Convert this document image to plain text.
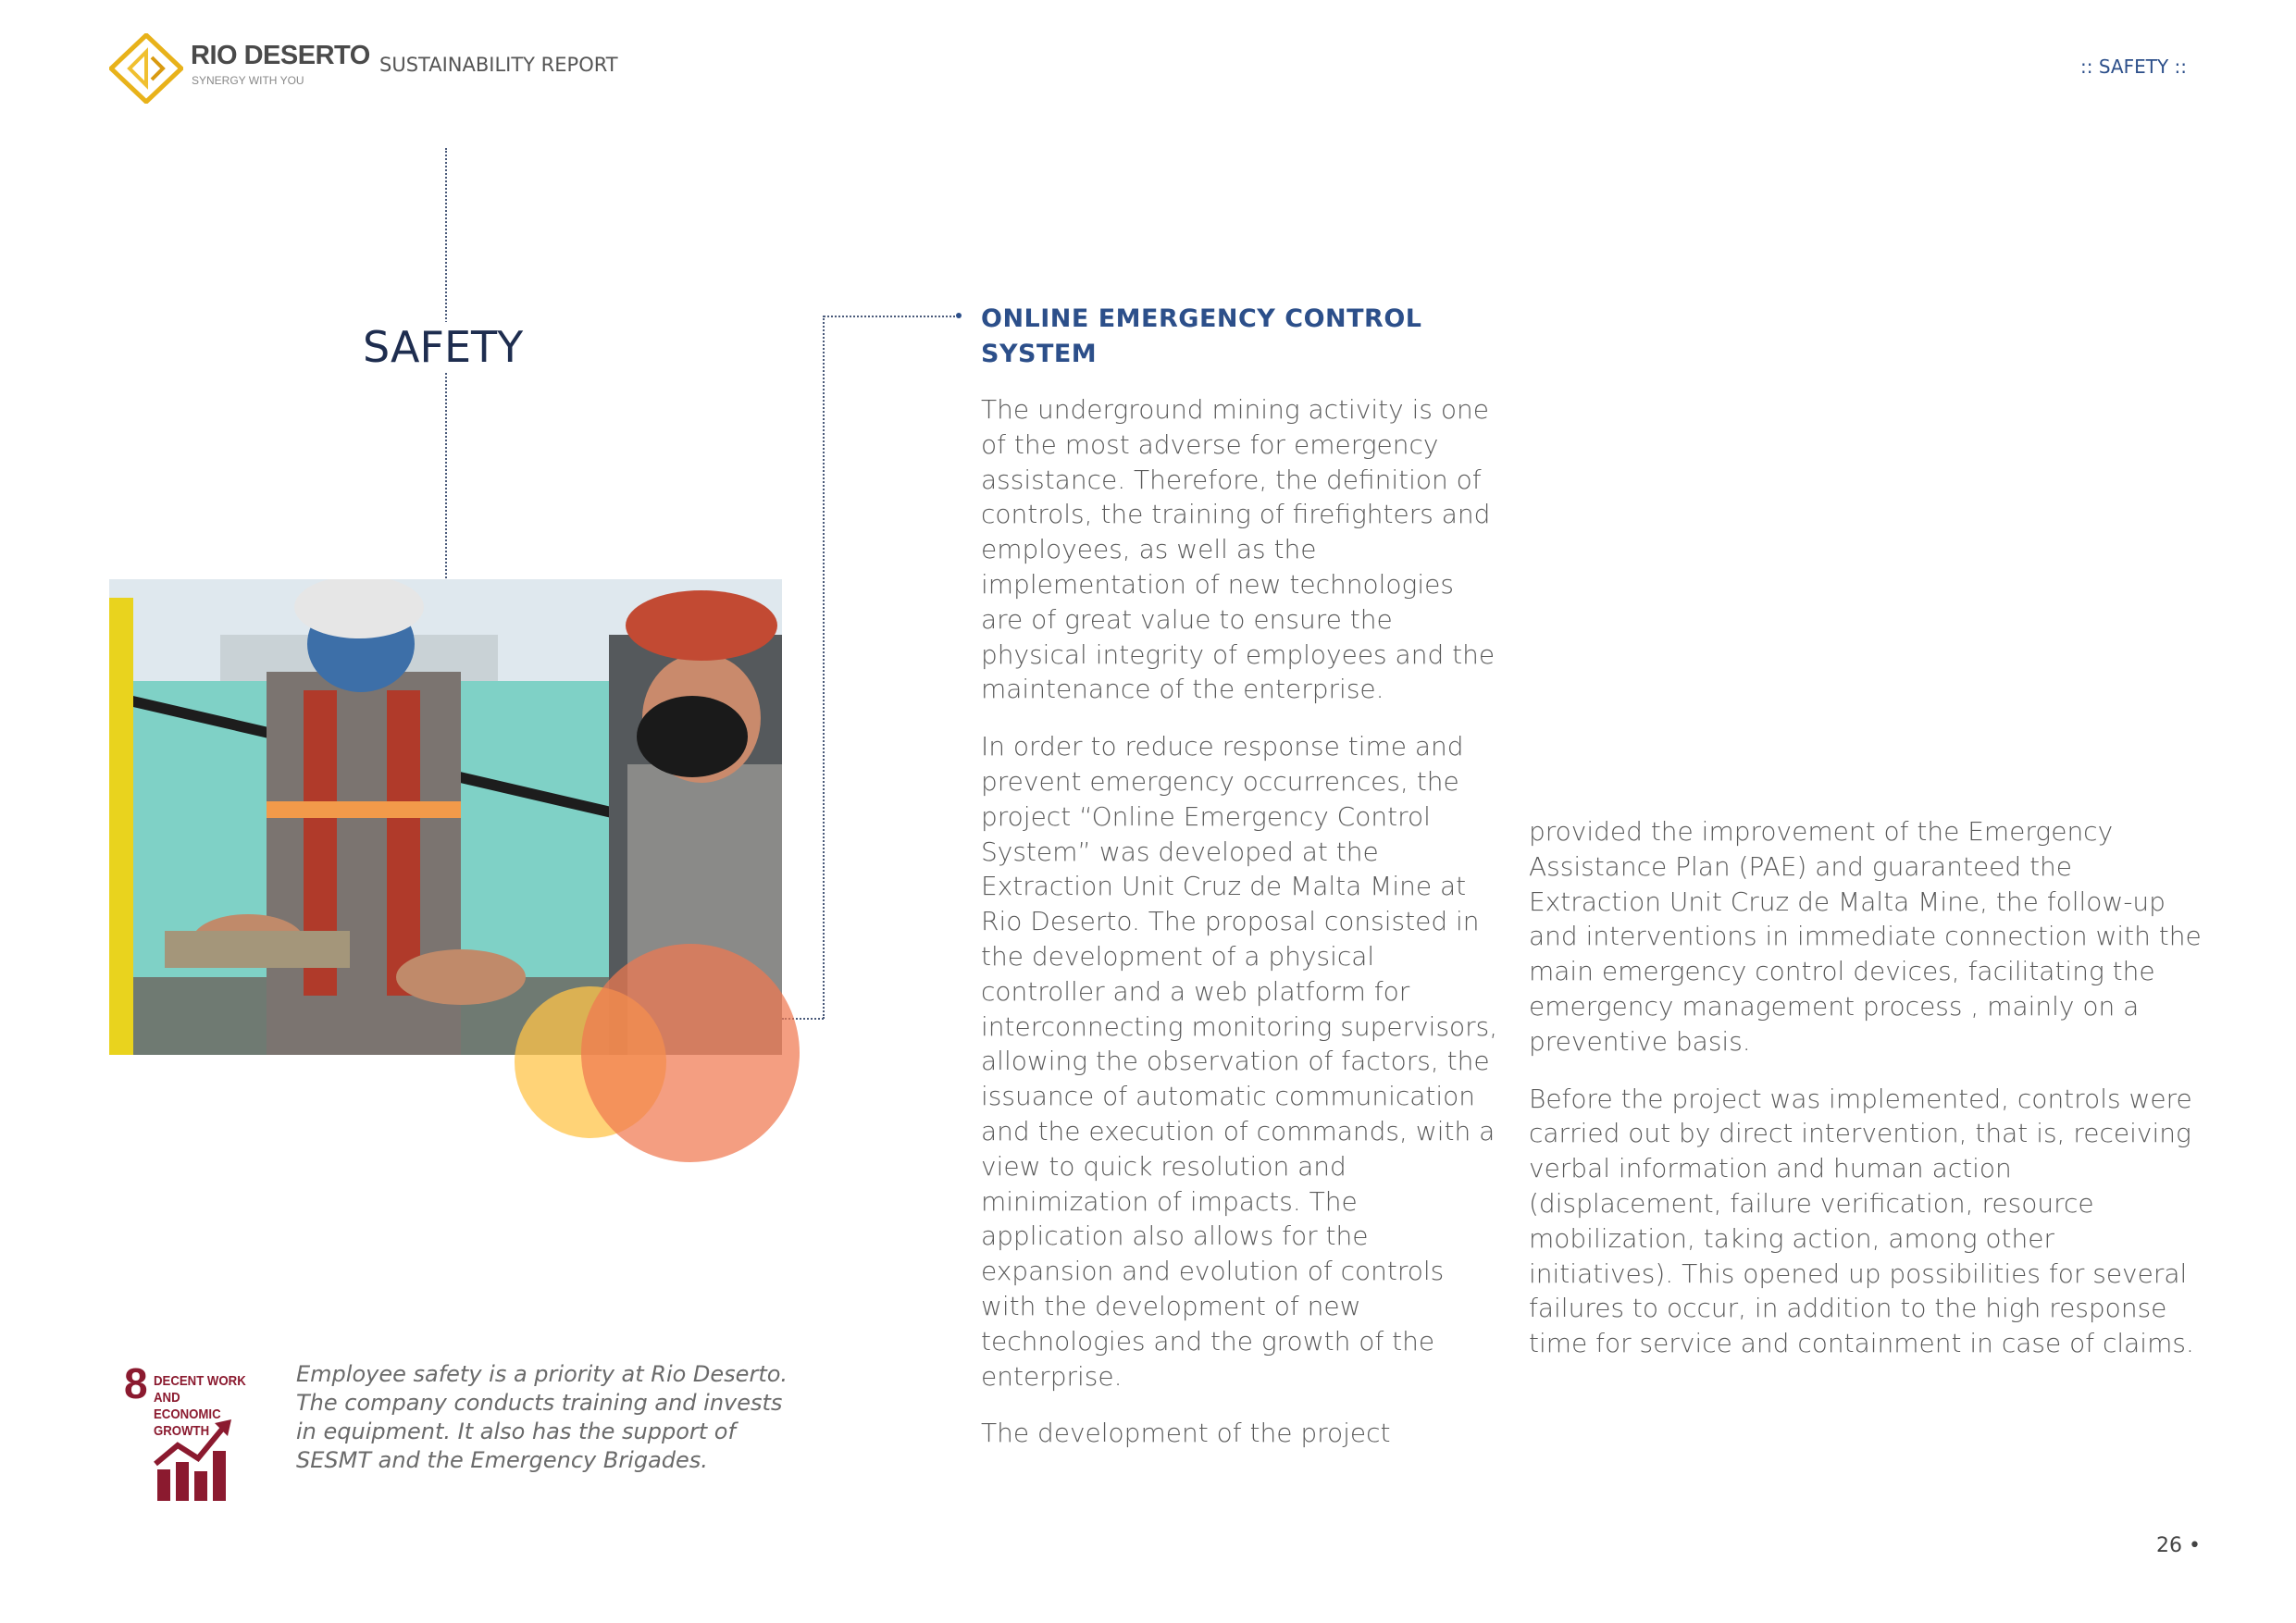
RIO DESERTO
SYNERGY WITH YOU
SUSTAINABILITY REPORT	:: SAFETY ::
SAFETY
ONLINE EMERGENCY CONTROL SYSTEM

The underground mining activity is one of the most adverse for emergency assistance. Therefore, the definition of controls, the training of firefighters and employees, as well as the implementation of new technologies are of great value to ensure the physical integrity of employees and the maintenance of the enterprise.

In order to reduce response time and prevent emergency occurrences, the project “Online Emergency Control System” was developed at the Extraction Unit Cruz de Malta Mine at Rio Deserto. The proposal consisted in the development of a physical controller and a web platform for interconnecting monitoring supervisors, allowing the observation of factors, the issuance of automatic communication and the execution of commands, with a view to quick resolution and minimization of impacts. The application also allows for the expansion and evolution of controls with the development of new technologies and the growth of the enterprise.

The development of the project

provided the improvement of the Emergency Assistance Plan (PAE) and guaranteed the Extraction Unit Cruz de Malta Mine, the follow-up and interventions in immediate connection with the main emergency control devices, facilitating the emergency management process , mainly on a preventive basis.

Before the project was implemented, controls were carried out by direct intervention, that is, receiving verbal information and human action (displacement, failure verification, resource mobilization, taking action, among other initiatives). This opened up possibilities for several failures to occur, in addition to the high response time for service and containment in case of claims.

8 DECENT WORK AND
ECONOMIC GROWTH
Employee safety is a priority at Rio Deserto. The company conducts training and invests in equipment. It also has the support of SESMT and the Emergency Brigades.
26 •
